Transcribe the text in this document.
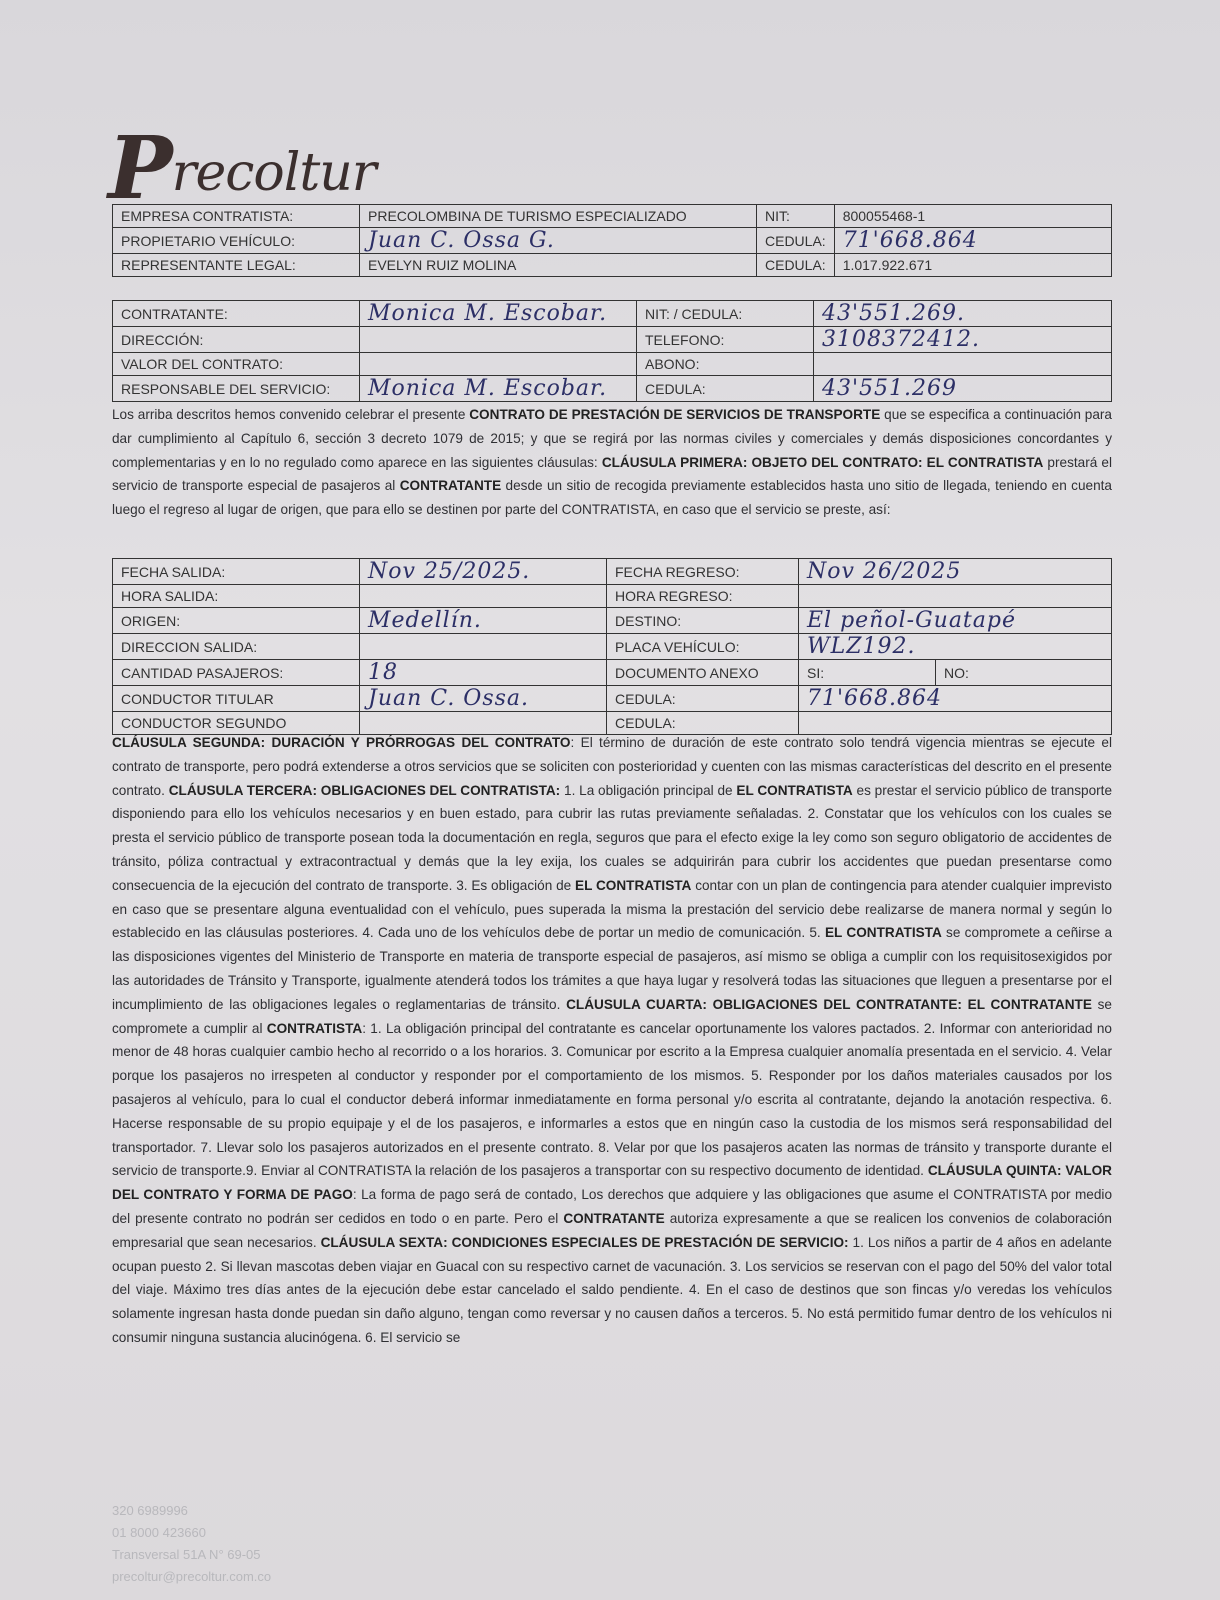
Precoltur
EMPRESA CONTRATISTA:	PRECOLOMBINA DE TURISMO ESPECIALIZADO	NIT:	800055468-1
PROPIETARIO VEHÍCULO:	Juan C. Ossa G.	CEDULA:	71'668.864
REPRESENTANTE LEGAL:	EVELYN RUIZ MOLINA	CEDULA:	1.017.922.671
CONTRATANTE:	Monica M. Escobar.	NIT: / CEDULA:	43'551.269.
DIRECCIÓN:		TELEFONO:	3108372412.
VALOR DEL CONTRATO:		ABONO:	
RESPONSABLE DEL SERVICIO:	Monica M. Escobar.	CEDULA:	43'551.269
Los arriba descritos hemos convenido celebrar el presente CONTRATO DE PRESTACIÓN DE SERVICIOS DE TRANSPORTE que se especifica a continuación para dar cumplimiento al Capítulo 6, sección 3 decreto 1079 de 2015; y que se regirá por las normas civiles y comerciales y demás disposiciones concordantes y complementarias y en lo no regulado como aparece en las siguientes cláusulas: CLÁUSULA PRIMERA: OBJETO DEL CONTRATO: EL CONTRATISTA prestará el servicio de transporte especial de pasajeros al CONTRATANTE desde un sitio de recogida previamente establecidos hasta uno sitio de llegada, teniendo en cuenta luego el regreso al lugar de origen, que para ello se destinen por parte del CONTRATISTA, en caso que el servicio se preste, así:
FECHA SALIDA:	Nov 25/2025.	FECHA REGRESO:	Nov 26/2025	
HORA SALIDA:		HORA REGRESO:		
ORIGEN:	Medellín.	DESTINO:	El peñol-Guatapé	
DIRECCION SALIDA:		PLACA VEHÍCULO:	WLZ192.	
CANTIDAD PASAJEROS:	18	DOCUMENTO ANEXO	SI:	NO:
CONDUCTOR TITULAR	Juan C. Ossa.	CEDULA:	71'668.864	
CONDUCTOR SEGUNDO		CEDULA:		
CLÁUSULA SEGUNDA: DURACIÓN Y PRÓRROGAS DEL CONTRATO: El término de duración de este contrato solo tendrá vigencia mientras se ejecute el contrato de transporte, pero podrá extenderse a otros servicios que se soliciten con posterioridad y cuenten con las mismas características del descrito en el presente contrato. CLÁUSULA TERCERA: OBLIGACIONES DEL CONTRATISTA: 1. La obligación principal de EL CONTRATISTA es prestar el servicio público de transporte disponiendo para ello los vehículos necesarios y en buen estado, para cubrir las rutas previamente señaladas. 2. Constatar que los vehículos con los cuales se presta el servicio público de transporte posean toda la documentación en regla, seguros que para el efecto exige la ley como son seguro obligatorio de accidentes de tránsito, póliza contractual y extracontractual y demás que la ley exija, los cuales se adquirirán para cubrir los accidentes que puedan presentarse como consecuencia de la ejecución del contrato de transporte. 3. Es obligación de EL CONTRATISTA contar con un plan de contingencia para atender cualquier imprevisto en caso que se presentare alguna eventualidad con el vehículo, pues superada la misma la prestación del servicio debe realizarse de manera normal y según lo establecido en las cláusulas posteriores. 4. Cada uno de los vehículos debe de portar un medio de comunicación. 5. EL CONTRATISTA se compromete a ceñirse a las disposiciones vigentes del Ministerio de Transporte en materia de transporte especial de pasajeros, así mismo se obliga a cumplir con los requisitosexigidos por las autoridades de Tránsito y Transporte, igualmente atenderá todos los trámites a que haya lugar y resolverá todas las situaciones que lleguen a presentarse por el incumplimiento de las obligaciones legales o reglamentarias de tránsito. CLÁUSULA CUARTA: OBLIGACIONES DEL CONTRATANTE: EL CONTRATANTE se compromete a cumplir al CONTRATISTA: 1. La obligación principal del contratante es cancelar oportunamente los valores pactados. 2. Informar con anterioridad no menor de 48 horas cualquier cambio hecho al recorrido o a los horarios. 3. Comunicar por escrito a la Empresa cualquier anomalía presentada en el servicio. 4. Velar porque los pasajeros no irrespeten al conductor y responder por el comportamiento de los mismos. 5. Responder por los daños materiales causados por los pasajeros al vehículo, para lo cual el conductor deberá informar inmediatamente en forma personal y/o escrita al contratante, dejando la anotación respectiva. 6. Hacerse responsable de su propio equipaje y el de los pasajeros, e informarles a estos que en ningún caso la custodia de los mismos será responsabilidad del transportador. 7. Llevar solo los pasajeros autorizados en el presente contrato. 8. Velar por que los pasajeros acaten las normas de tránsito y transporte durante el servicio de transporte.9. Enviar al CONTRATISTA la relación de los pasajeros a transportar con su respectivo documento de identidad. CLÁUSULA QUINTA: VALOR DEL CONTRATO Y FORMA DE PAGO: La forma de pago será de contado, Los derechos que adquiere y las obligaciones que asume el CONTRATISTA por medio del presente contrato no podrán ser cedidos en todo o en parte. Pero el CONTRATANTE autoriza expresamente a que se realicen los convenios de colaboración empresarial que sean necesarios. CLÁUSULA SEXTA: CONDICIONES ESPECIALES DE PRESTACIÓN DE SERVICIO: 1. Los niños a partir de 4 años en adelante ocupan puesto 2. Si llevan mascotas deben viajar en Guacal con su respectivo carnet de vacunación. 3. Los servicios se reservan con el pago del 50% del valor total del viaje. Máximo tres días antes de la ejecución debe estar cancelado el saldo pendiente. 4. En el caso de destinos que son fincas y/o veredas los vehículos solamente ingresan hasta donde puedan sin daño alguno, tengan como reversar y no causen daños a terceros. 5. No está permitido fumar dentro de los vehículos ni consumir ninguna sustancia alucinógena. 6. El servicio se
320 6989996
01 8000 423660
Transversal 51A N° 69-05
precoltur@precoltur.com.co
